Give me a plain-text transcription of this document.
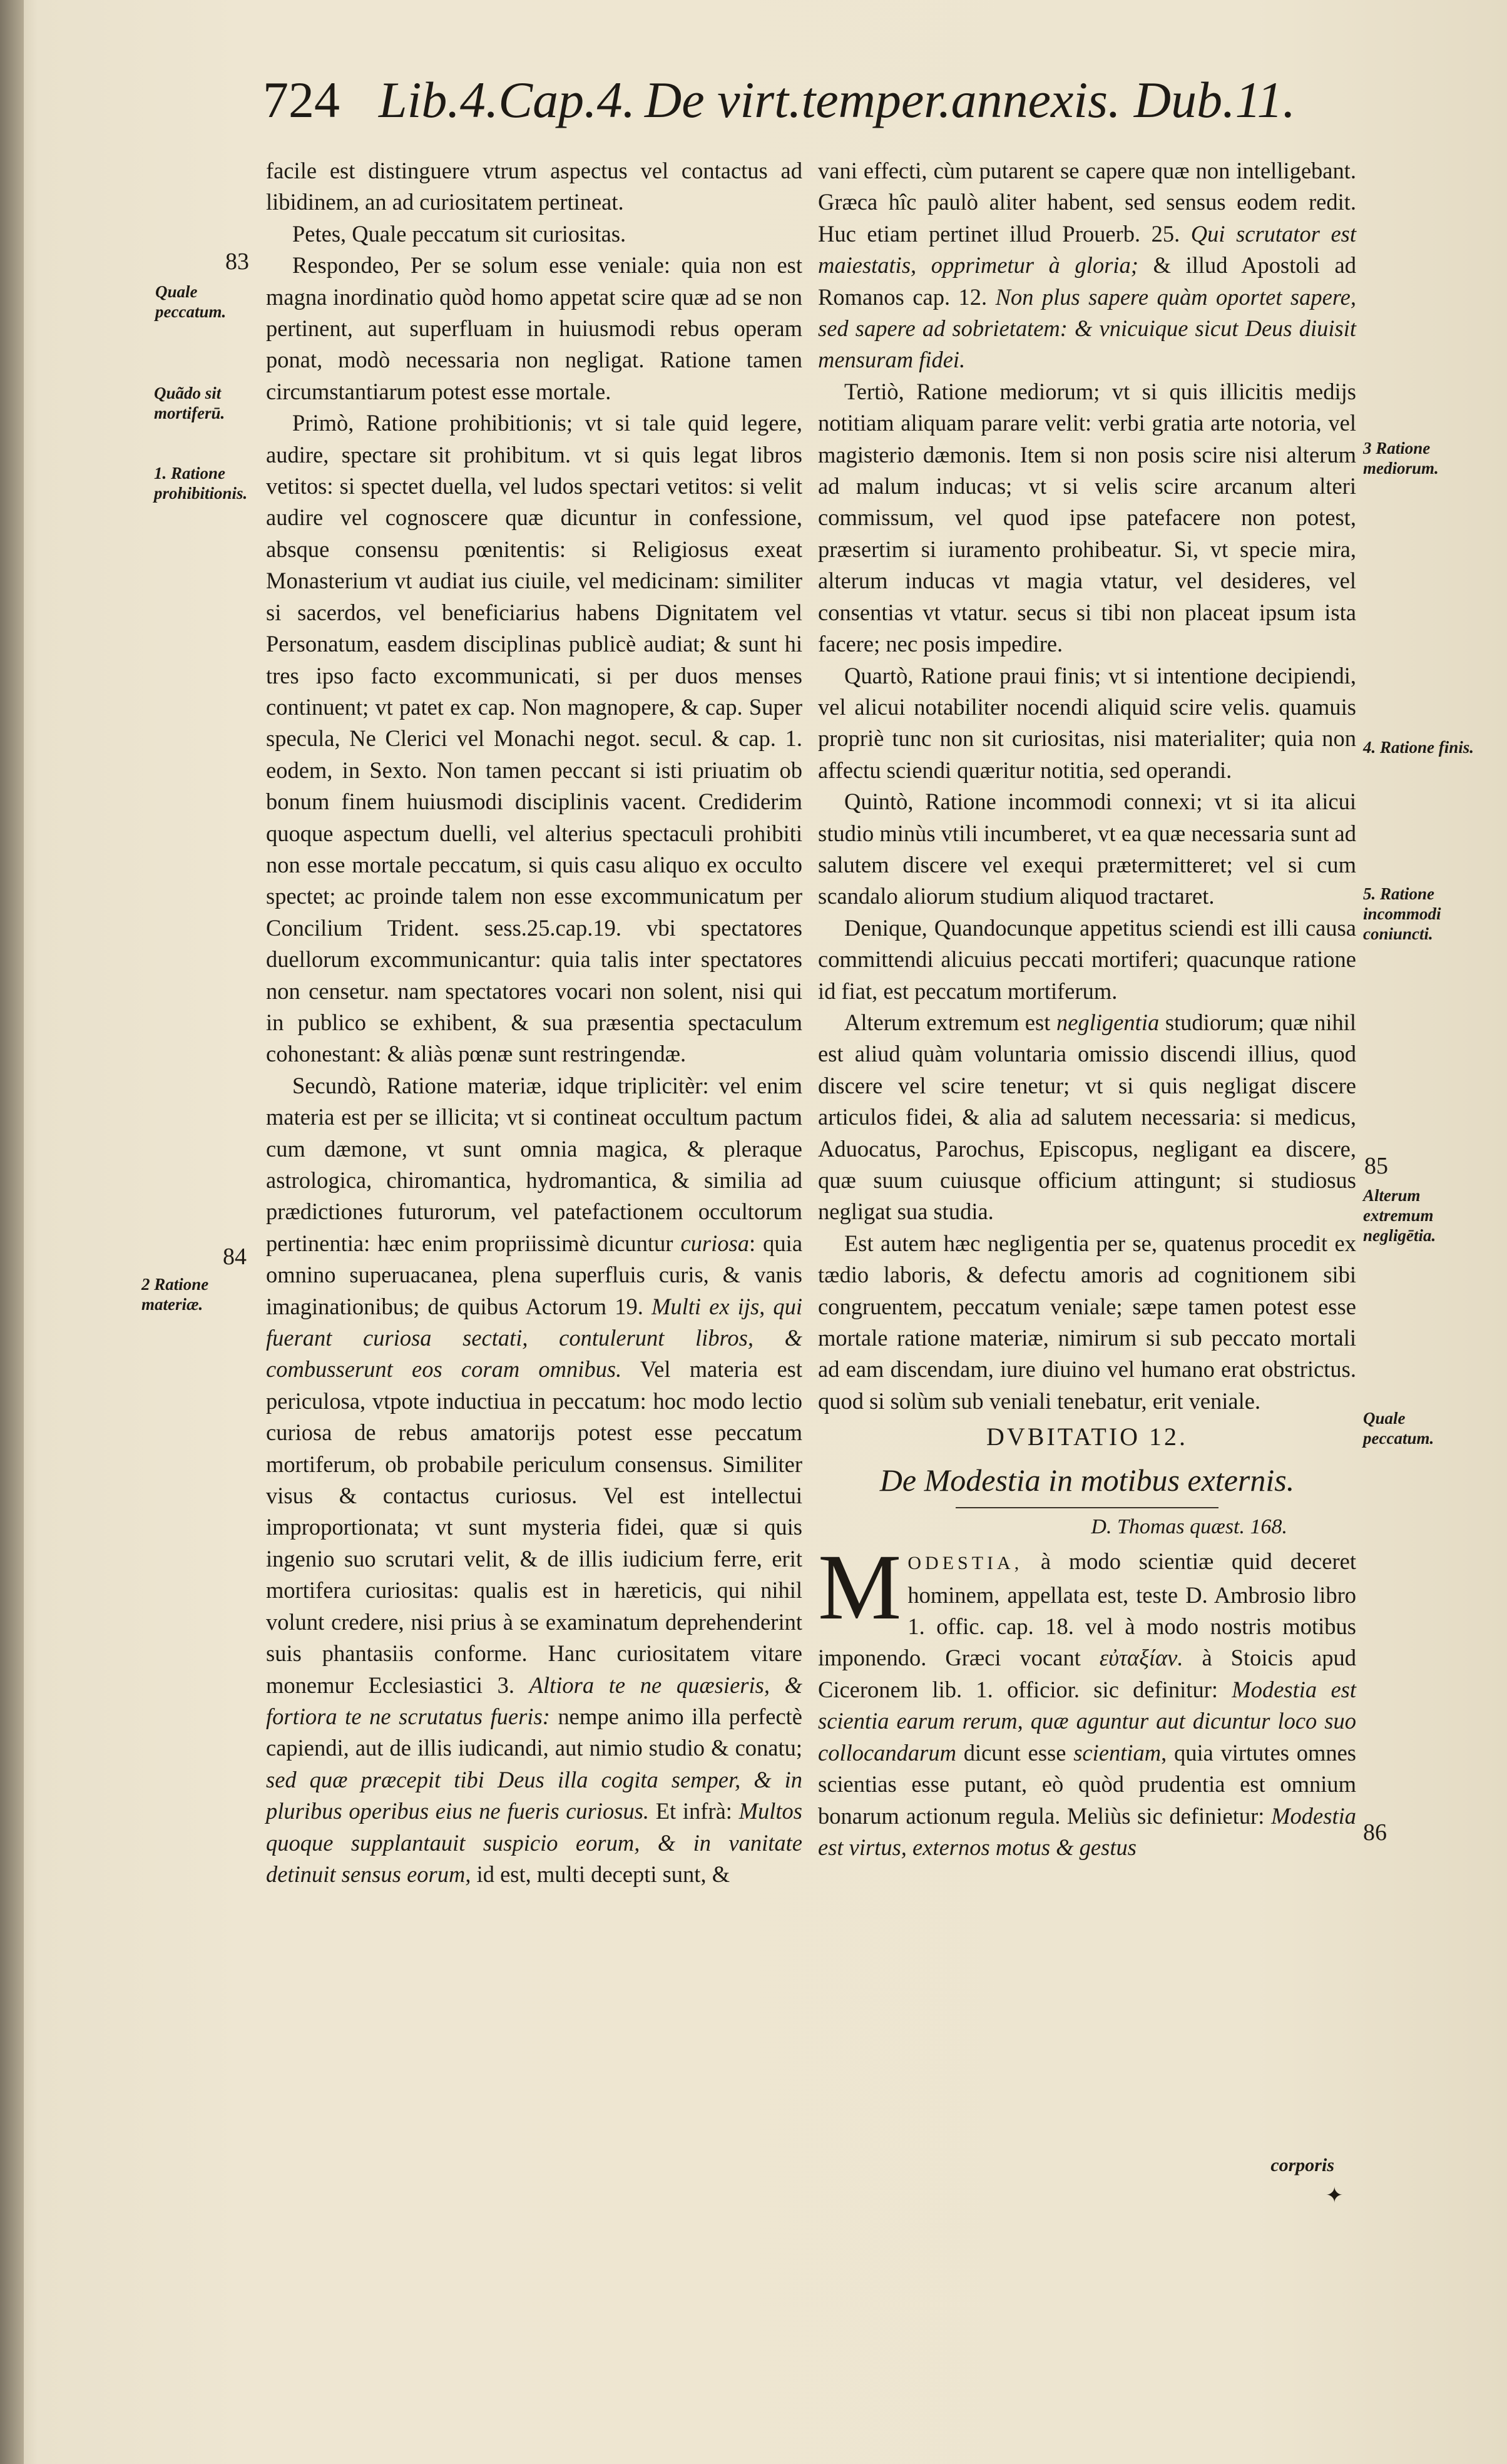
724 Lib.4.Cap.4. De virt.temper.annexis. Dub.11.

facile est distinguere vtrum aspectus vel contactus ad libidinem, an ad curiositatem pertineat.

Petes, Quale peccatum sit curiositas.

Respondeo, Per se solum esse veniale: quia non est magna inordinatio quòd homo appetat scire quæ ad se non pertinent, aut superfluam in huiusmodi rebus operam ponat, modò necessaria non negligat. Ratione tamen circumstantiarum potest esse mortale.

Primò, Ratione prohibitionis; vt si tale quid legere, audire, spectare sit prohibitum. vt si quis legat libros vetitos: si spectet duella, vel ludos spectari vetitos: si velit audire vel cognoscere quæ dicuntur in confessione, absque consensu pœnitentis: si Religiosus exeat Monasterium vt audiat ius ciuile, vel medicinam: similiter si sacerdos, vel beneficiarius habens Dignitatem vel Personatum, easdem disciplinas publicè audiat; & sunt hi tres ipso facto excommunicati, si per duos menses continuent; vt patet ex cap. Non magnopere, & cap. Super specula, Ne Clerici vel Monachi negot. secul. & cap. 1. eodem, in Sexto. Non tamen peccant si isti priuatim ob bonum finem huiusmodi disciplinis vacent. Crediderim quoque aspectum duelli, vel alterius spectaculi prohibiti non esse mortale peccatum, si quis casu aliquo ex occulto spectet; ac proinde talem non esse excommunicatum per Concilium Trident. sess.25.cap.19. vbi spectatores duellorum excommunicantur: quia talis inter spectatores non censetur. nam spectatores vocari non solent, nisi qui in publico se exhibent, & sua præsentia spectaculum cohonestant: & aliàs pœnæ sunt restringendæ.

Secundò, Ratione materiæ, idque triplicitèr: vel enim materia est per se illicita; vt si contineat occultum pactum cum dæmone, vt sunt omnia magica, & pleraque astrologica, chiromantica, hydromantica, & similia ad prædictiones futurorum, vel patefactionem occultorum pertinentia: hæc enim propriissimè dicuntur curiosa: quia omnino superuacanea, plena superfluis curis, & vanis imaginationibus; de quibus Actorum 19. Multi ex ijs, qui fuerant curiosa sectati, contulerunt libros, & combusserunt eos coram omnibus. Vel materia est periculosa, vtpote inductiua in peccatum: hoc modo lectio curiosa de rebus amatorijs potest esse peccatum mortiferum, ob probabile periculum consensus. Similiter visus & contactus curiosus. Vel est intellectui improportionata; vt sunt mysteria fidei, quæ si quis ingenio suo scrutari velit, & de illis iudicium ferre, erit mortifera curiositas: qualis est in hæreticis, qui nihil volunt credere, nisi prius à se examinatum deprehenderint suis phantasiis conforme. Hanc curiositatem vitare monemur Ecclesiastici 3. Altiora te ne quæsieris, & fortiora te ne scrutatus fueris: nempe animo illa perfectè capiendi, aut de illis iudicandi, aut nimio studio & conatu; sed quæ præcepit tibi Deus illa cogita semper, & in pluribus operibus eius ne fueris curiosus. Et infrà: Multos quoque supplantauit suspicio eorum, & in vanitate detinuit sensus eorum, id est, multi decepti sunt, &

vani effecti, cùm putarent se capere quæ non intelligebant. Græca hîc paulò aliter habent, sed sensus eodem redit. Huc etiam pertinet illud Prouerb. 25. Qui scrutator est maiestatis, opprimetur à gloria; & illud Apostoli ad Romanos cap. 12. Non plus sapere quàm oportet sapere, sed sapere ad sobrietatem: & vnicuique sicut Deus diuisit mensuram fidei.

Tertiò, Ratione mediorum; vt si quis illicitis medijs notitiam aliquam parare velit: verbi gratia arte notoria, vel magisterio dæmonis. Item si non posis scire nisi alterum ad malum inducas; vt si velis scire arcanum alteri commissum, vel quod ipse patefacere non potest, præsertim si iuramento prohibeatur. Si, vt specie mira, alterum inducas vt magia vtatur, vel desideres, vel consentias vt vtatur. secus si tibi non placeat ipsum ista facere; nec posis impedire.

Quartò, Ratione praui finis; vt si intentione decipiendi, vel alicui notabiliter nocendi aliquid scire velis. quamuis propriè tunc non sit curiositas, nisi materialiter; quia non affectu sciendi quæritur notitia, sed operandi.

Quintò, Ratione incommodi connexi; vt si ita alicui studio minùs vtili incumberet, vt ea quæ necessaria sunt ad salutem discere vel exequi prætermitteret; vel si cum scandalo aliorum studium aliquod tractaret.

Denique, Quandocunque appetitus sciendi est illi causa committendi alicuius peccati mortiferi; quacunque ratione id fiat, est peccatum mortiferum.

Alterum extremum est negligentia studiorum; quæ nihil est aliud quàm voluntaria omissio discendi illius, quod discere vel scire tenetur; vt si quis negligat discere articulos fidei, & alia ad salutem necessaria: si medicus, Aduocatus, Parochus, Episcopus, negligant ea discere, quæ suum cuiusque officium attingunt; si studiosus negligat sua studia.

Est autem hæc negligentia per se, quatenus procedit ex tædio laboris, & defectu amoris ad cognitionem sibi congruentem, peccatum veniale; sæpe tamen potest esse mortale ratione materiæ, nimirum si sub peccato mortali ad eam discendam, iure diuino vel humano erat obstrictus. quod si solùm sub veniali tenebatur, erit veniale.

DVBITATIO 12.

De Modestia in motibus externis.

D. Thomas quæst. 168.

MODESTIA, à modo scientiæ quid deceret hominem, appellata est, teste D. Ambrosio libro 1. offic. cap. 18. vel à modo nostris motibus imponendo. Græci vocant εὐταξίαν. à Stoicis apud Ciceronem lib. 1. officior. sic definitur: Modestia est scientia earum rerum, quæ aguntur aut dicuntur loco suo collocandarum dicunt esse scientiam, quia virtutes omnes scientias esse putant, eò quòd prudentia est omnium bonarum actionum regula. Meliùs sic definietur: Modestia est virtus, externos motus & gestus

corporis
✦
83
Quale peccatum.
Quãdo sit mortiferū.
1. Ratione prohibitionis.
84
2 Ratione materiæ.
3 Ratione mediorum.
4. Ratione finis.
5. Ratione incommodi coniuncti.
85
Alterum extremum negligētia.
Quale peccatum.
86
